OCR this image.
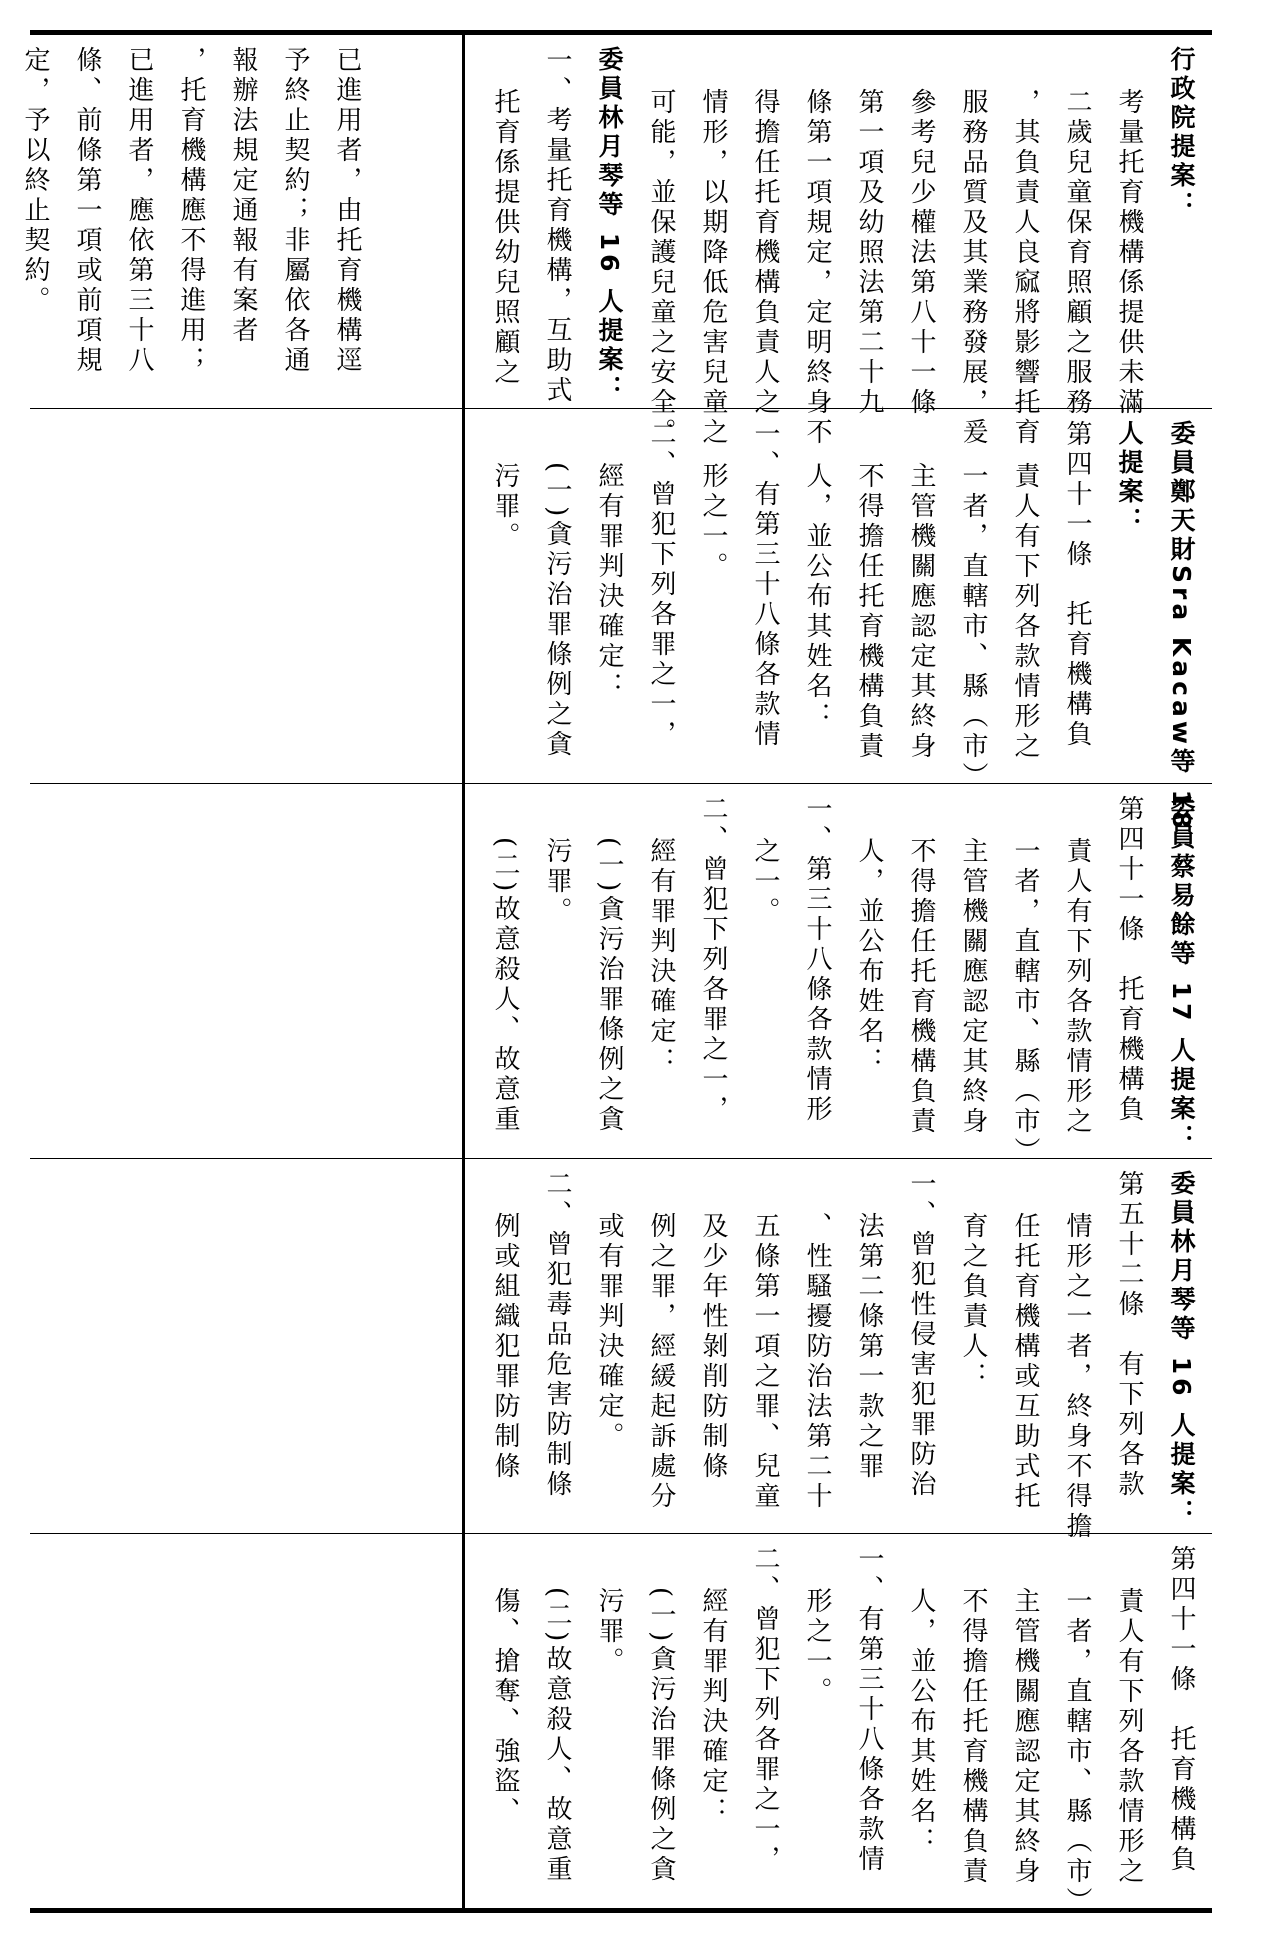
行政院提案：

考量托育機構係提供未滿

二歲兒童保育照顧之服務

，其負責人良窳將影響托育

服務品質及其業務發展，爰

參考兒少權法第八十一條

第一項及幼照法第二十九

條第一項規定，定明終身不

得擔任托育機構負責人之

情形，以期降低危害兒童之

可能，並保護兒童之安全。

委員林月琴等 16 人提案：

一、考量托育機構，互助式

托育係提供幼兒照顧之

已進用者，由托育機構逕

予終止契約；非屬依各通

報辦法規定通報有案者

，托育機構應不得進用；

已進用者，應依第三十八

條、前條第一項或前項規

定，予以終止契約。

委員鄭天財Sra Kacaw等 18

人提案：

第四十一條　托育機構負

責人有下列各款情形之

一者，直轄市、縣（市）

主管機關應認定其終身

不得擔任托育機構負責

人，並公布其姓名：

一、有第三十八條各款情

形之一。

二、曾犯下列各罪之一，

經有罪判決確定：

(一)貪污治罪條例之貪

污罪。

委員蔡易餘等 17 人提案：

第四十一條　托育機構負

責人有下列各款情形之

一者，直轄市、縣（市）

主管機關應認定其終身

不得擔任托育機構負責

人，並公布姓名：

一、第三十八條各款情形

之一。

二、曾犯下列各罪之一，

經有罪判決確定：

(一)貪污治罪條例之貪

污罪。

(二)故意殺人、故意重

委員林月琴等 16 人提案：

第五十二條　有下列各款

情形之一者，終身不得擔

任托育機構或互助式托

育之負責人：

一、曾犯性侵害犯罪防治

法第二條第一款之罪

、性騷擾防治法第二十

五條第一項之罪、兒童

及少年性剝削防制條

例之罪，經緩起訴處分

或有罪判決確定。

二、曾犯毒品危害防制條

例或組織犯罪防制條

第四十一條　托育機構負

責人有下列各款情形之

一者，直轄市、縣（市）

主管機關應認定其終身

不得擔任托育機構負責

人，並公布其姓名：

一、有第三十八條各款情

形之一。

二、曾犯下列各罪之一，

經有罪判決確定：

(一)貪污治罪條例之貪

污罪。

(二)故意殺人、故意重

傷、搶奪、強盜、
